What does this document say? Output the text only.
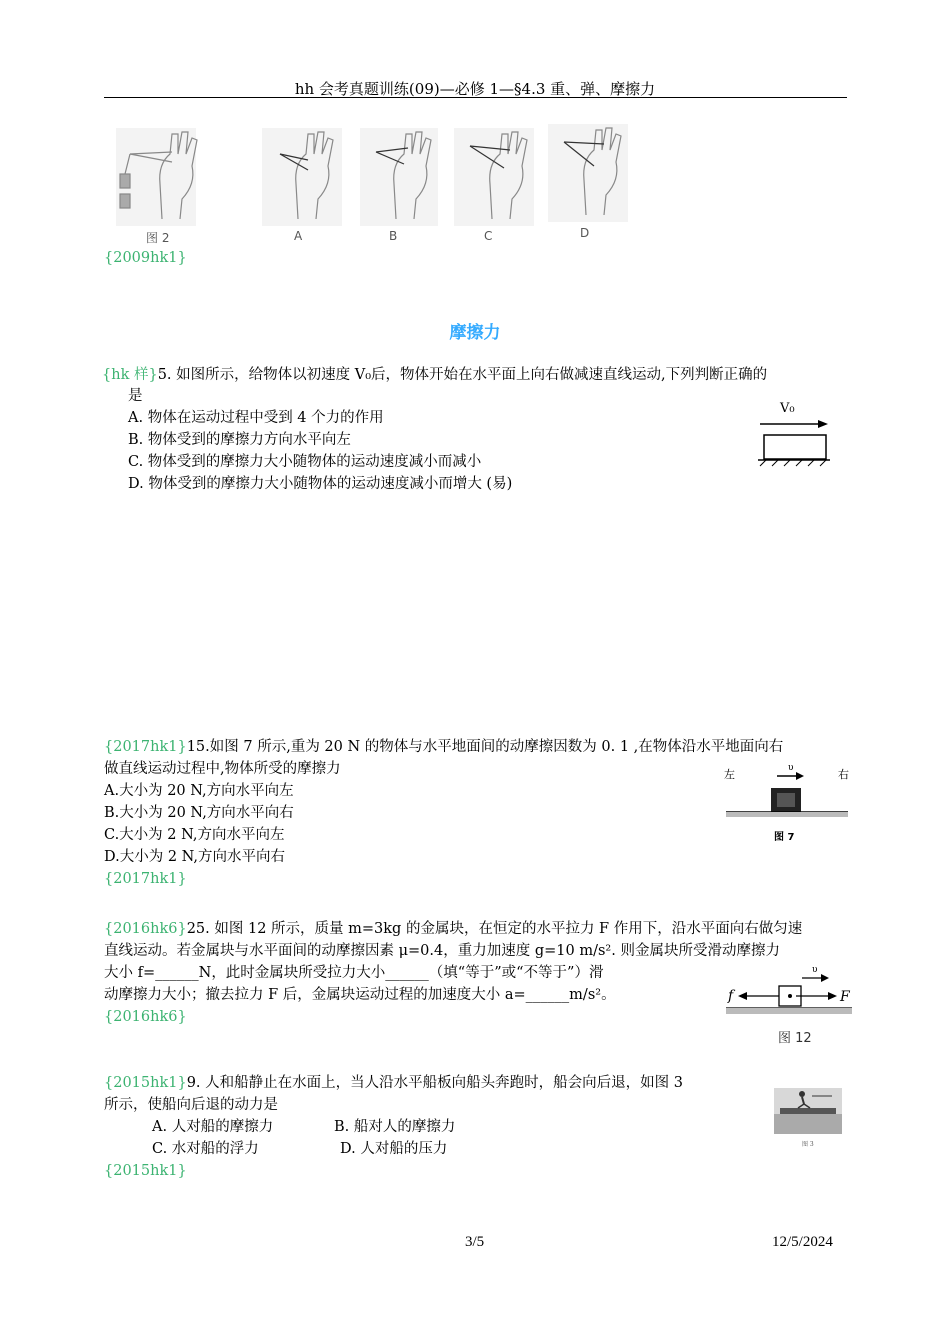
hh 会考真题训练(09)—必修 1—§4.3 重、弹、摩擦力
图 2	A	B	C	D
{2009hk1}
摩擦力
{hk 样}5. 如图所示，给物体以初速度 V₀后，物体开始在水平面上向右做减速直线运动,下列判断正确的
是
A. 物体在运动过程中受到 4 个力的作用
B. 物体受到的摩擦力方向水平向左
C. 物体受到的摩擦力大小随物体的运动速度减小而减小
D. 物体受到的摩擦力大小随物体的运动速度减小而增大 (易)
V₀
{2017hk1}15.如图 7 所示,重为 20 N 的物体与水平地面间的动摩擦因数为 0. 1 ,在物体沿水平地面向右
做直线运动过程中,物体所受的摩擦力
A.大小为 20 N,方向水平向左
B.大小为 20 N,方向水平向右
C.大小为 2 N,方向水平向左
D.大小为 2 N,方向水平向右
{2017hk1}
左	右
υ
图 7
{2016hk6}25. 如图 12 所示，质量 m=3kg 的金属块，在恒定的水平拉力 F 作用下，沿水平面向右做匀速
直线运动。若金属块与水平面间的动摩擦因素 μ=0.4，重力加速度 g=10 m/s². 则金属块所受滑动摩擦力
大小 f=______N，此时金属块所受拉力大小______（填“等于”或“不等于”）滑
动摩擦力大小；撤去拉力 F 后，金属块运动过程的加速度大小 a=______m/s²。
{2016hk6}
υ
f	F
图 12
{2015hk1}9. 人和船静止在水面上，当人沿水平船板向船头奔跑时，船会向后退，如图 3
所示，使船向后退的动力是
A. 人对船的摩擦力	B. 船对人的摩擦力
C. 水对船的浮力	D. 人对船的压力
{2015hk1}
图 3
3/5	12/5/2024
